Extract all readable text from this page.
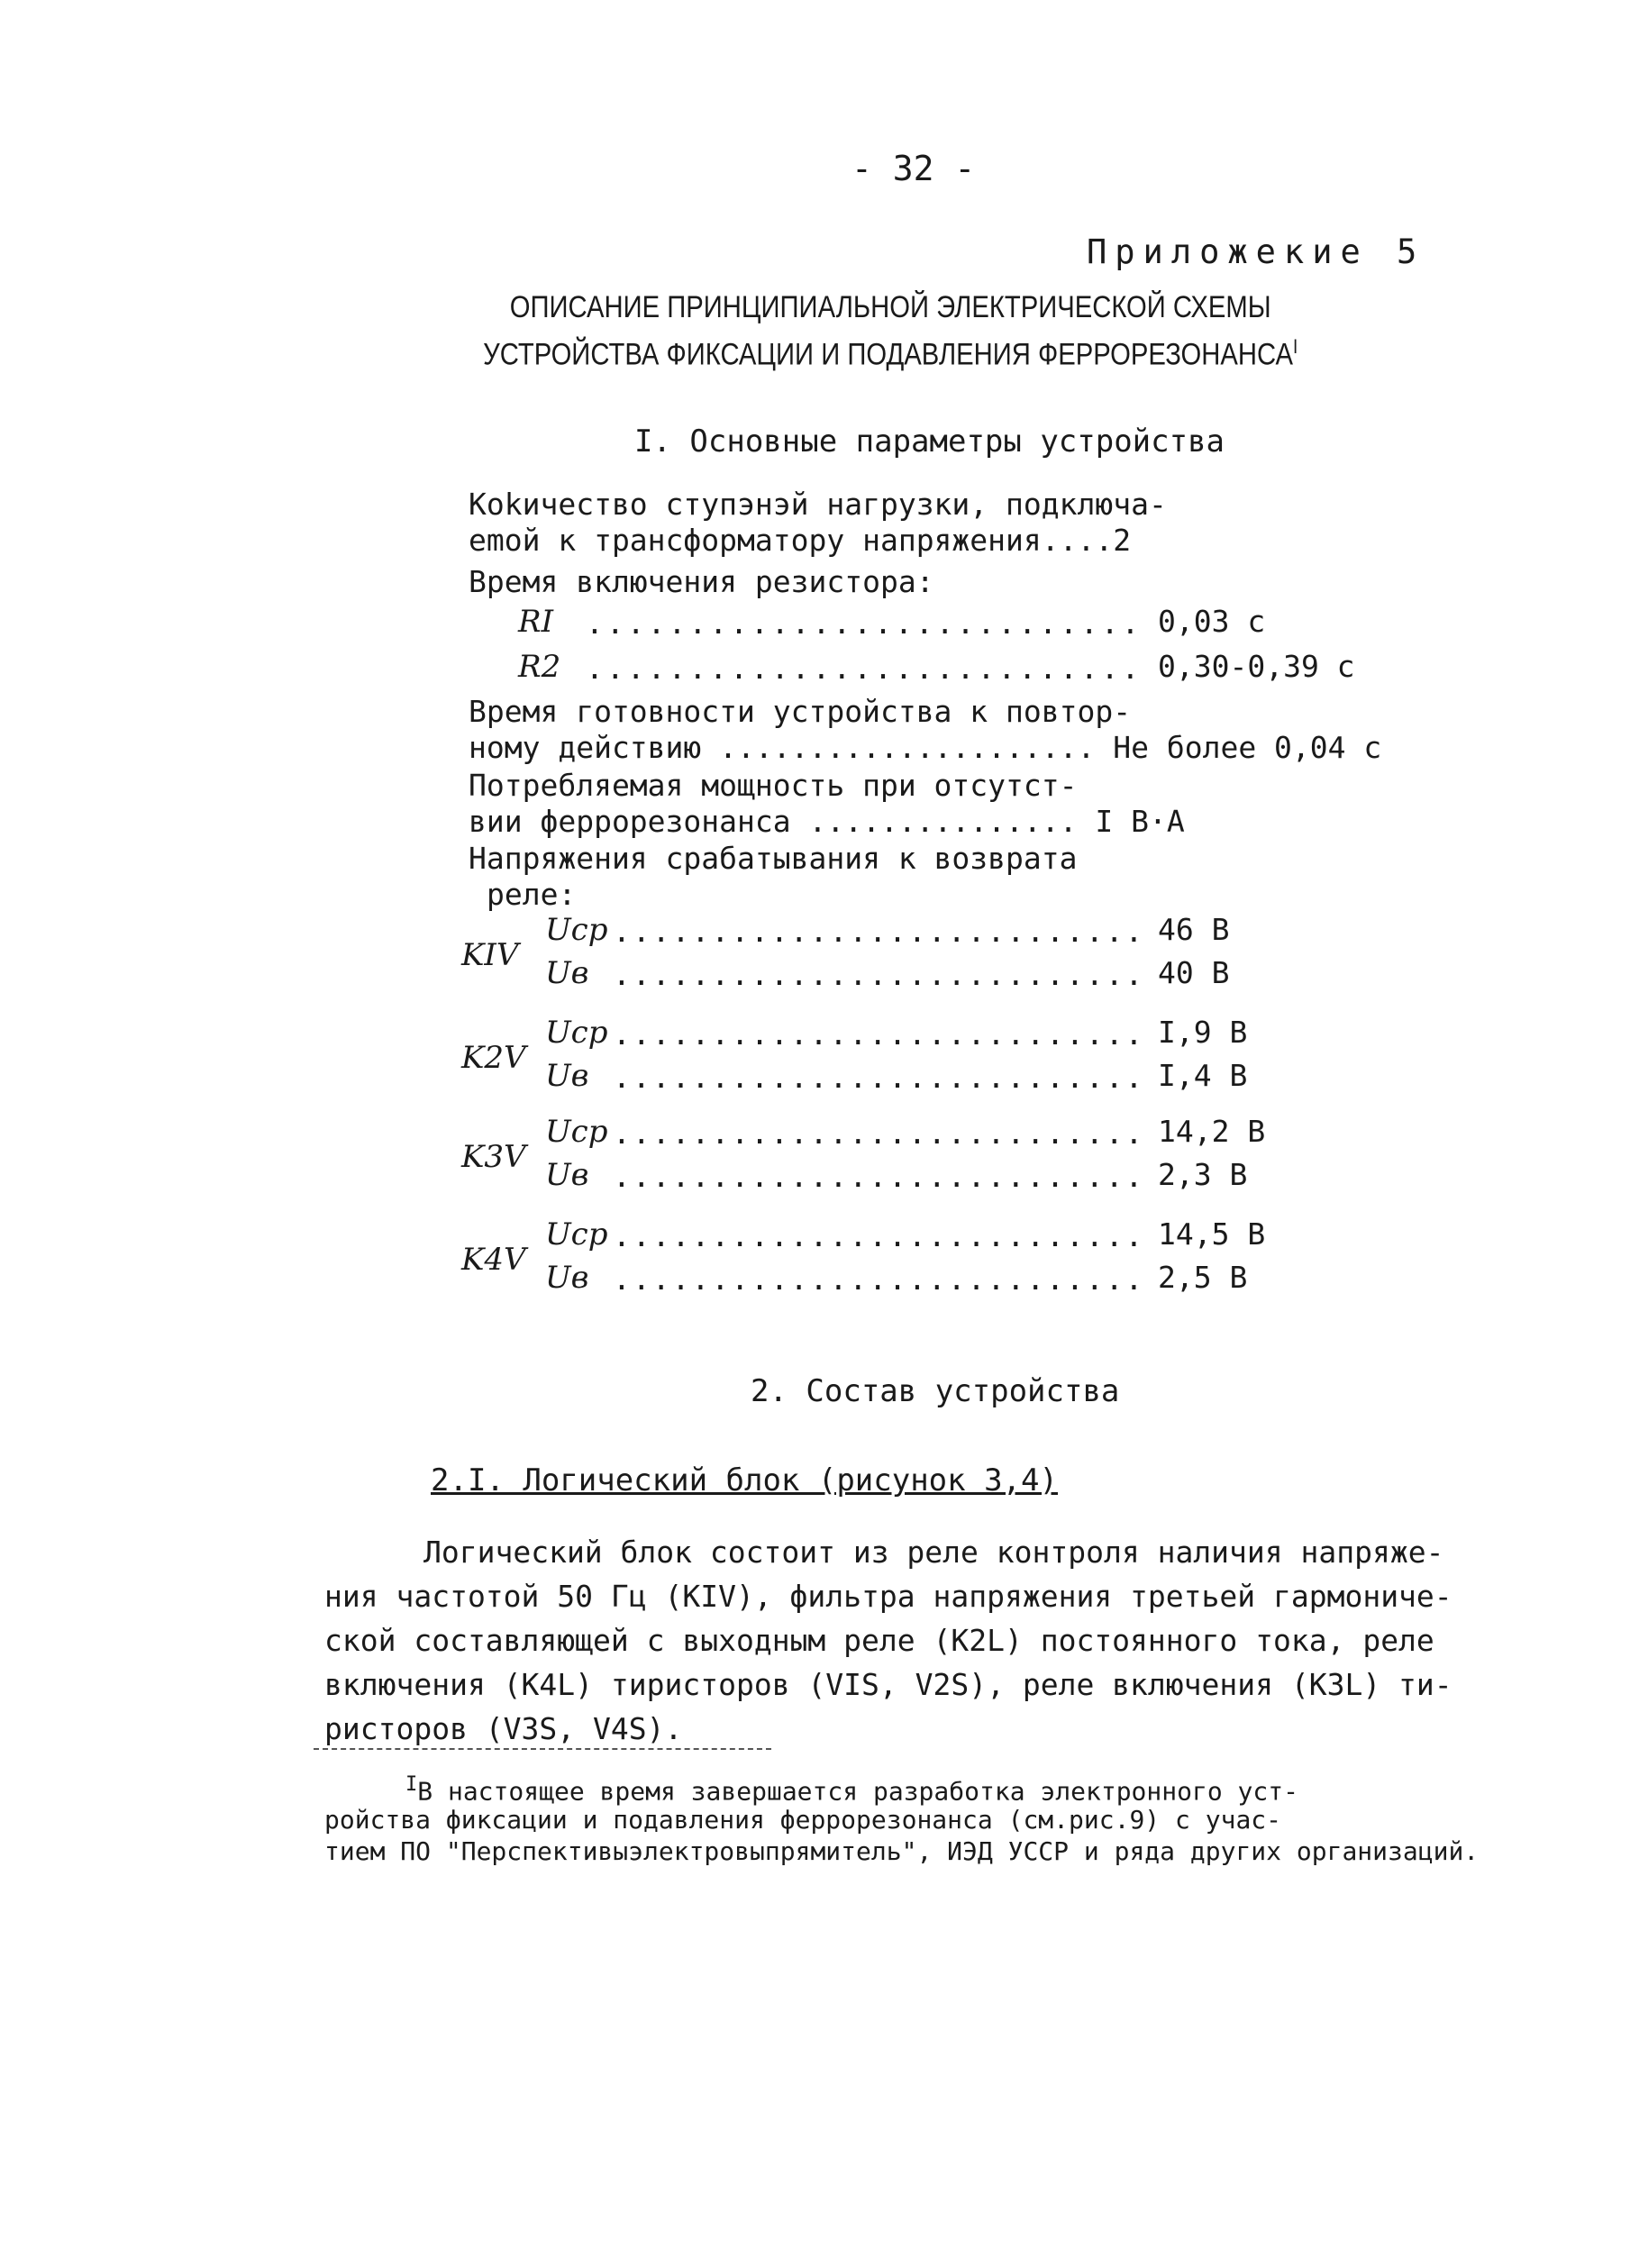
- 32 -
Приложекие 5
ОПИСАНИЕ ПРИНЦИПИАЛЬНОЙ ЭЛЕКТРИЧЕСКОЙ СХЕМЫ
УСТРОЙСТВА ФИКСАЦИИ И ПОДАВЛЕНИЯ $ФЕРРОРЕЗОНАНСА^I$
I. Основные параметры устройства
Коkичество ступэнэй нагрузки, подключа-
emoй к трансформатору напряжения....2
Время включения резистора:
RI ........................... 0,03 с
R2 ........................... 0,30-0,39 с
Время готовности устройства к повтор-
ному действию ..................... Не более 0,04 с
Потребляемая мощность при отсутст-
вии феррорезонанса ............... I В·А
Напряжения срабатывания к возврата
реле:
KIV
Ucр ........................... 46 В
Uв ........................... 40 В
K2V
Ucр ........................... I,9 В
Uв ........................... I,4 В
K3V
Ucр ........................... 14,2 В
Uв ........................... 2,3 В
K4V
Ucр ........................... 14,5 В
Uв ........................... 2,5 В
2. Состав устройства
2.I. Логический блок (рисунок 3,4)
Логический блок состоит из реле контроля наличия напряже-
ния частотой 50 Гц (KIV), фильтра напряжения третьей гармониче-
ской составляющей с выходным реле (K2L) постоянного тока, реле
включения (K4L) тиристоров (VIS, V2S), реле включения (K3L) ти-
ристоров (V3S, V4S).
$^I$В настоящее время завершается разработка электронного уст-
ройства фиксации и подавления феррорезонанса (см.рис.9) с учас-
тием ПО "Перспективыэлектровыпрямитель", ИЭД УССР и ряда других организаций.
